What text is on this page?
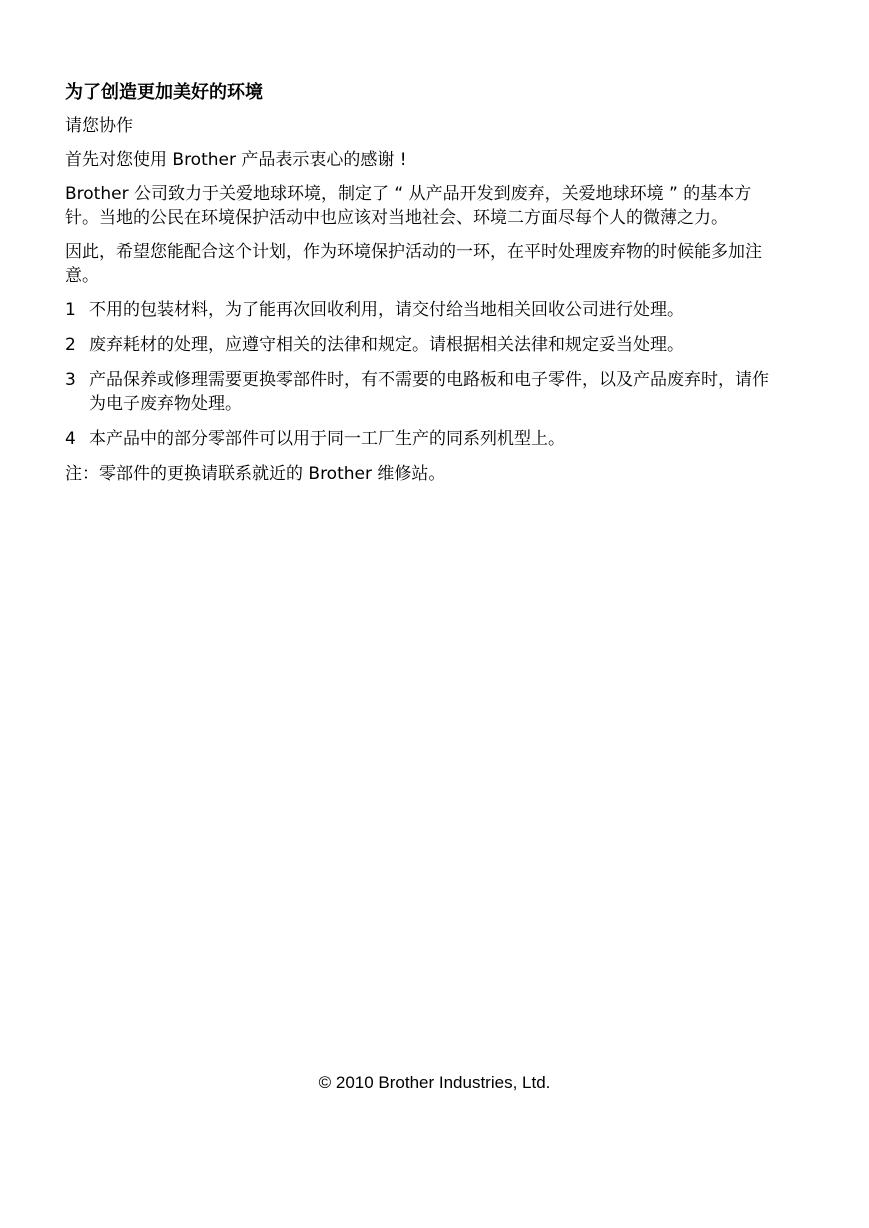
为了创造更加美好的环境

请您协作

首先对您使用 Brother 产品表示衷心的感谢 !

Brother 公司致力于关爱地球环境，制定了 “ 从产品开发到废弃，关爱地球环境 ” 的基本方针。当地的公民在环境保护活动中也应该对当地社会、环境二方面尽每个人的微薄之力。

因此，希望您能配合这个计划，作为环境保护活动的一环，在平时处理废弃物的时候能多加注意。

1 不用的包装材料，为了能再次回收利用，请交付给当地相关回收公司进行处理。
2 废弃耗材的处理，应遵守相关的法律和规定。请根据相关法律和规定妥当处理。
3 产品保养或修理需要更换零部件时，有不需要的电路板和电子零件，以及产品废弃时，请作为电子废弃物处理。
4 本产品中的部分零部件可以用于同一工厂生产的同系列机型上。

注：零部件的更换请联系就近的 Brother 维修站。

© 2010 Brother Industries, Ltd.
